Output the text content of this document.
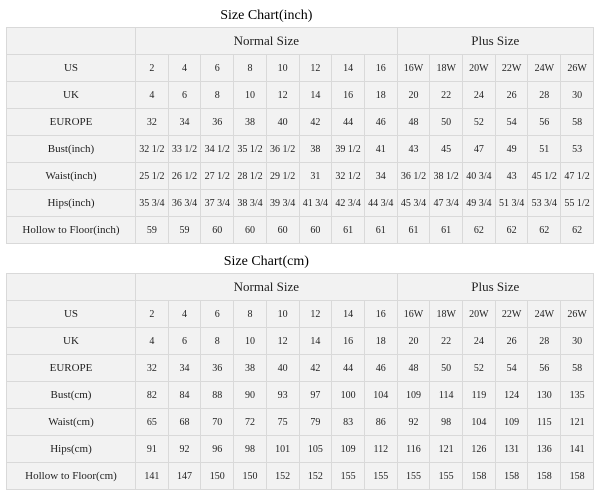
	Size Chart(inch)													
	Normal Size								Plus Size					
US	2	4	6	8	10	12	14	16	16W	18W	20W	22W	24W	26W
UK	4	6	8	10	12	14	16	18	20	22	24	26	28	30
EUROPE	32	34	36	38	40	42	44	46	48	50	52	54	56	58
Bust(inch)	32 1/2	33 1/2	34 1/2	35 1/2	36 1/2	38	39 1/2	41	43	45	47	49	51	53
Waist(inch)	25 1/2	26 1/2	27 1/2	28 1/2	29 1/2	31	32 1/2	34	36 1/2	38 1/2	40 3/4	43	45 1/2	47 1/2
Hips(inch)	35 3/4	36 3/4	37 3/4	38 3/4	39 3/4	41 3/4	42 3/4	44 3/4	45 3/4	47 3/4	49 3/4	51 3/4	53 3/4	55 1/2
Hollow to Floor(inch)	59	59	60	60	60	60	61	61	61	61	62	62	62	62
	Size Chart(cm)													
	Normal Size								Plus Size					
US	2	4	6	8	10	12	14	16	16W	18W	20W	22W	24W	26W
UK	4	6	8	10	12	14	16	18	20	22	24	26	28	30
EUROPE	32	34	36	38	40	42	44	46	48	50	52	54	56	58
Bust(cm)	82	84	88	90	93	97	100	104	109	114	119	124	130	135
Waist(cm)	65	68	70	72	75	79	83	86	92	98	104	109	115	121
Hips(cm)	91	92	96	98	101	105	109	112	116	121	126	131	136	141
Hollow to Floor(cm)	141	147	150	150	152	152	155	155	155	155	158	158	158	158
